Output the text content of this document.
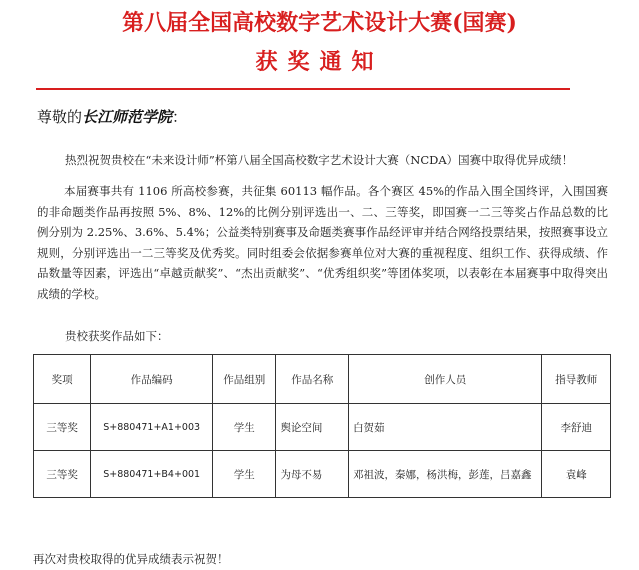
第八届全国高校数字艺术设计大赛(国赛)
获奖通知
尊敬的长江师范学院：
热烈祝贺贵校在“未来设计师”杯第八届全国高校数字艺术设计大赛（NCDA）国赛中取得优异成绩！
本届赛事共有 1106 所高校参赛，共征集 60113 幅作品。各个赛区 45%的作品入围全国终评，入围国赛的非命题类作品再按照 5%、8%、12%的比例分别评选出一、二、三等奖，即国赛一二三等奖占作品总数的比例分别为 2.25%、3.6%、5.4%；公益类特别赛事及命题类赛事作品经评审并结合网络投票结果，按照赛事设立规则，分别评选出一二三等奖及优秀奖。同时组委会依据参赛单位对大赛的重视程度、组织工作、获得成绩、作品数量等因素，评选出“卓越贡献奖”、“杰出贡献奖”、“优秀组织奖”等团体奖项，以表彰在本届赛事中取得突出成绩的学校。
贵校获奖作品如下：
奖项	作品编码	作品组别	作品名称	创作人员	指导教师
三等奖	S+880471+A1+003	学生	舆论空间	白贺茹	李舒迪
三等奖	S+880471+B4+001	学生	为母不易	邓祖波，秦娜，杨洪梅，彭莲，吕嘉鑫	袁峰
再次对贵校取得的优异成绩表示祝贺！
